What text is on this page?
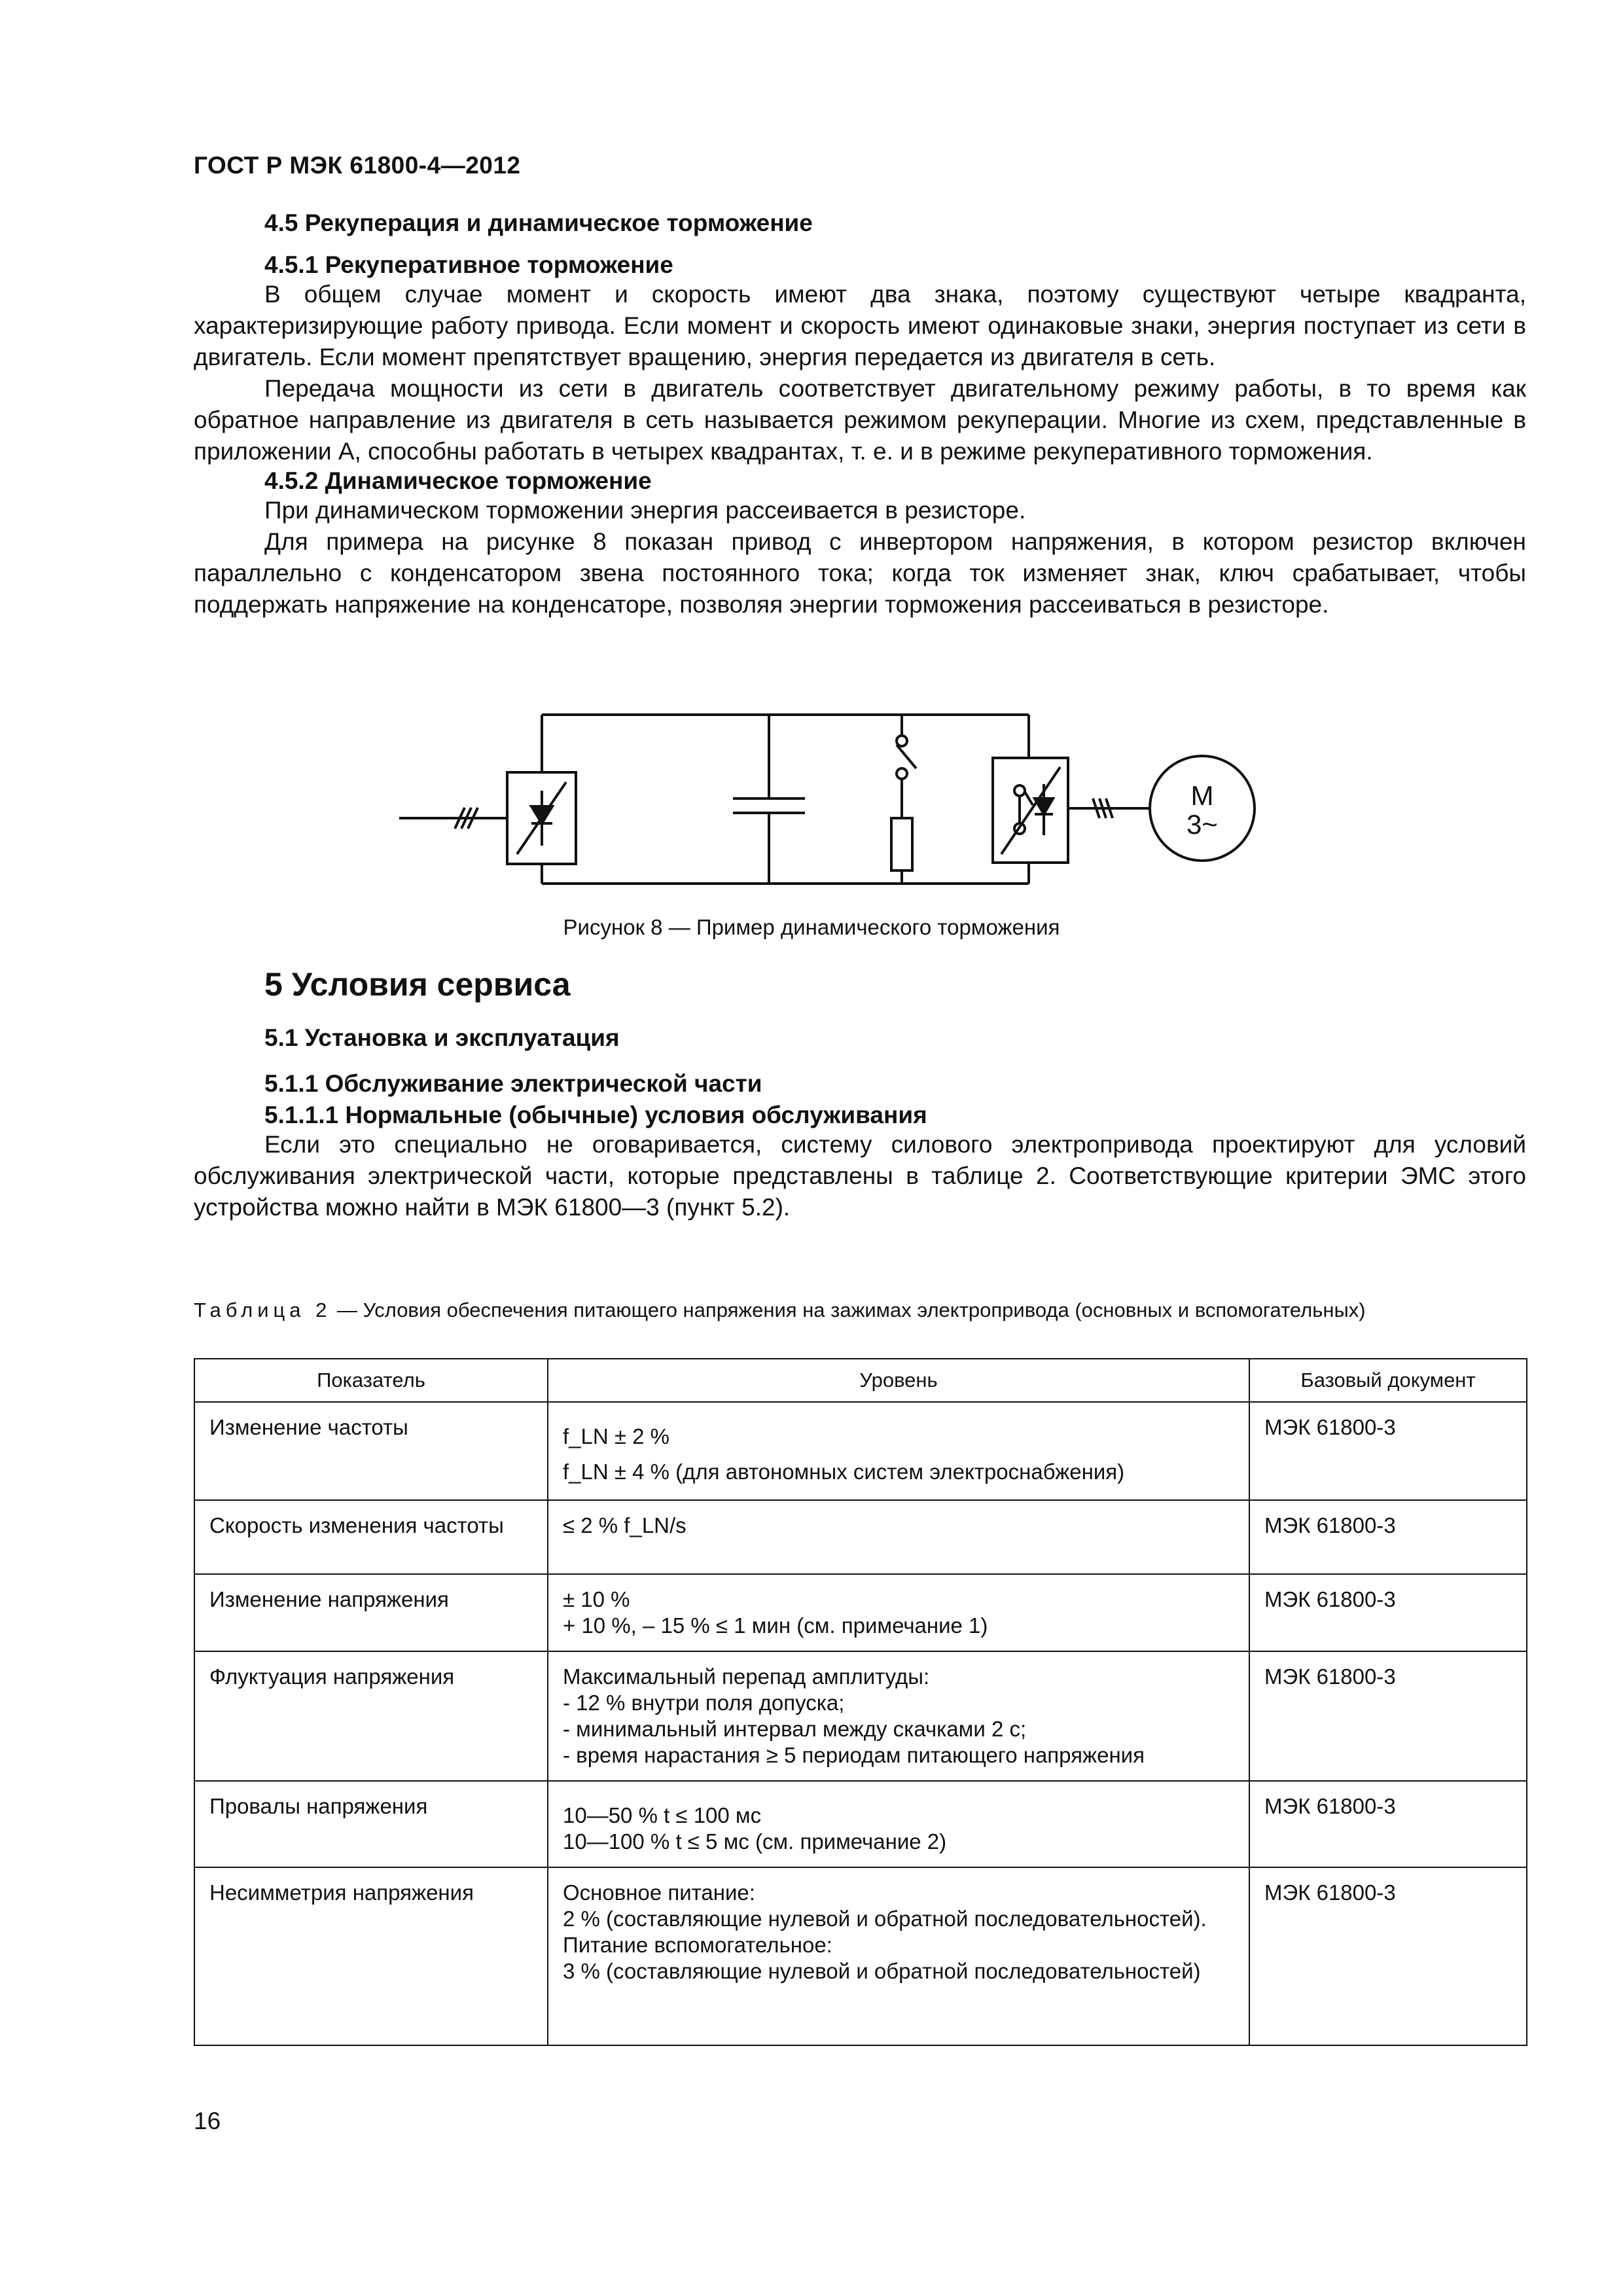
ГОСТ Р МЭК 61800-4—2012

4.5 Рекуперация и динамическое торможение

4.5.1 Рекуперативное торможение

В общем случае момент и скорость имеют два знака, поэтому существуют четыре квадранта, характеризирующие работу привода. Если момент и скорость имеют одинаковые знаки, энергия поступает из сети в двигатель. Если момент препятствует вращению, энергия передается из двигателя в сеть.

Передача мощности из сети в двигатель соответствует двигательному режиму работы, в то время как обратное направление из двигателя в сеть называется режимом рекуперации. Многие из схем, представленные в приложении А, способны работать в четырех квадрантах, т. е. и в режиме рекуперативного торможения.

4.5.2 Динамическое торможение

При динамическом торможении энергия рассеивается в резисторе.

Для примера на рисунке 8 показан привод с инвертором напряжения, в котором резистор включен параллельно с конденсатором звена постоянного тока; когда ток изменяет знак, ключ срабатывает, чтобы поддержать напряжение на конденсаторе, позволяя энергии торможения рассеиваться в резисторе.

M
3~
Рисунок 8 — Пример динамического торможения

5 Условия сервиса

5.1 Установка и эксплуатация

5.1.1 Обслуживание электрической части

5.1.1.1 Нормальные (обычные) условия обслуживания

Если это специально не оговаривается, систему силового электропривода проектируют для условий обслуживания электрической части, которые представлены в таблице 2. Соответствующие критерии ЭМС этого устройства можно найти в МЭК 61800—3 (пункт 5.2).

Таблица 2 — Условия обеспечения питающего напряжения на зажимах электропривода (основных и вспомогательных)

Показатель	Уровень	Базовый документ
Изменение частоты	f_LN ± 2 %
f_LN ± 4 % (для автономных систем электроснабжения)	МЭК 61800-3
Скорость изменения частоты	≤ 2 % f_LN/s	МЭК 61800-3
Изменение напряжения	± 10 %
+ 10 %, – 15 % ≤ 1 мин (см. примечание 1)	МЭК 61800-3
Флуктуация напряжения	Максимальный перепад амплитуды:
- 12 % внутри поля допуска;
- минимальный интервал между скачками 2 с;
- время нарастания ≥ 5 периодам питающего напряжения	МЭК 61800-3
Провалы напряжения	10—50 % t ≤ 100 мс
10—100 % t ≤ 5 мс (см. примечание 2)	МЭК 61800-3
Несимметрия напряжения	Основное питание:
2 % (составляющие нулевой и обратной последовательностей).
Питание вспомогательное:
3 % (составляющие нулевой и обратной последовательностей)	МЭК 61800-3
16
